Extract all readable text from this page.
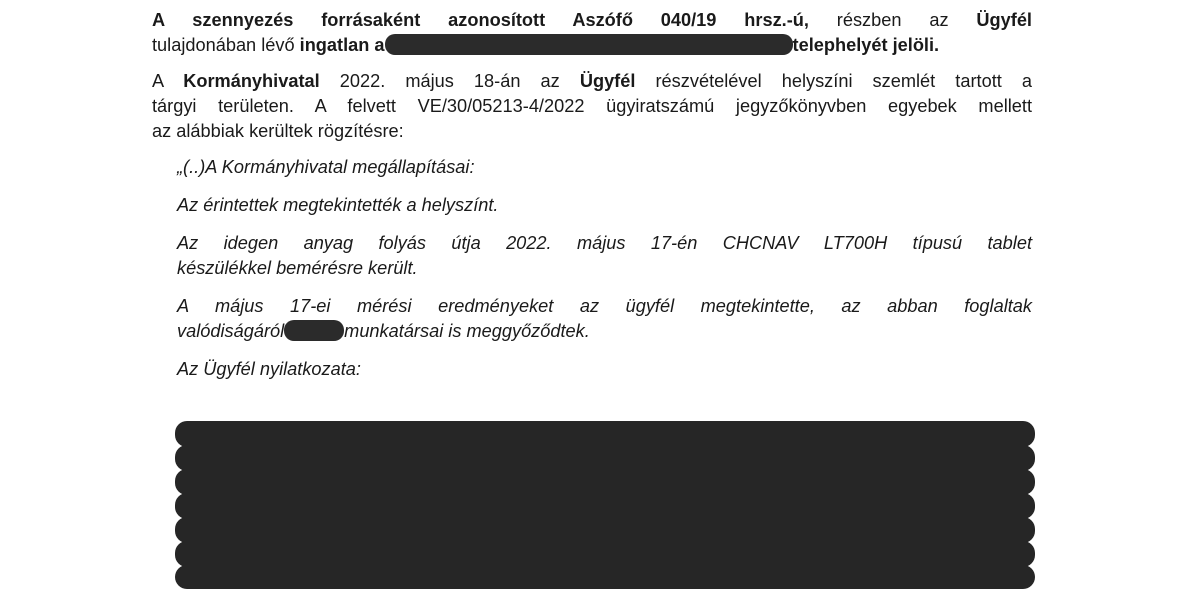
A szennyezés forrásaként azonosított Aszófő 040/19 hrsz.-ú, részben az Ügyfél
tulajdonában lévő ingatlan a	telephelyét jelöli.

A Kormányhivatal 2022. május 18-án az Ügyfél részvételével helyszíni szemlét tartott a
tárgyi területen. A felvett VE/30/05213-4/2022 ügyiratszámú jegyzőkönyvben egyebek mellett
az alábbiak kerültek rögzítésre:

„(..)A Kormányhivatal megállapításai:
Az érintettek megtekintették a helyszínt.
Az idegen anyag folyás útja 2022. május 17-én CHCNAV LT700H típusú tablet
készülékkel bemérésre került.
A május 17-ei mérési eredményeket az ügyfél megtekintette, az abban foglaltak
valódiságáról	munkatársai is meggyőződtek.
Az Ügyfél nyilatkozata:
